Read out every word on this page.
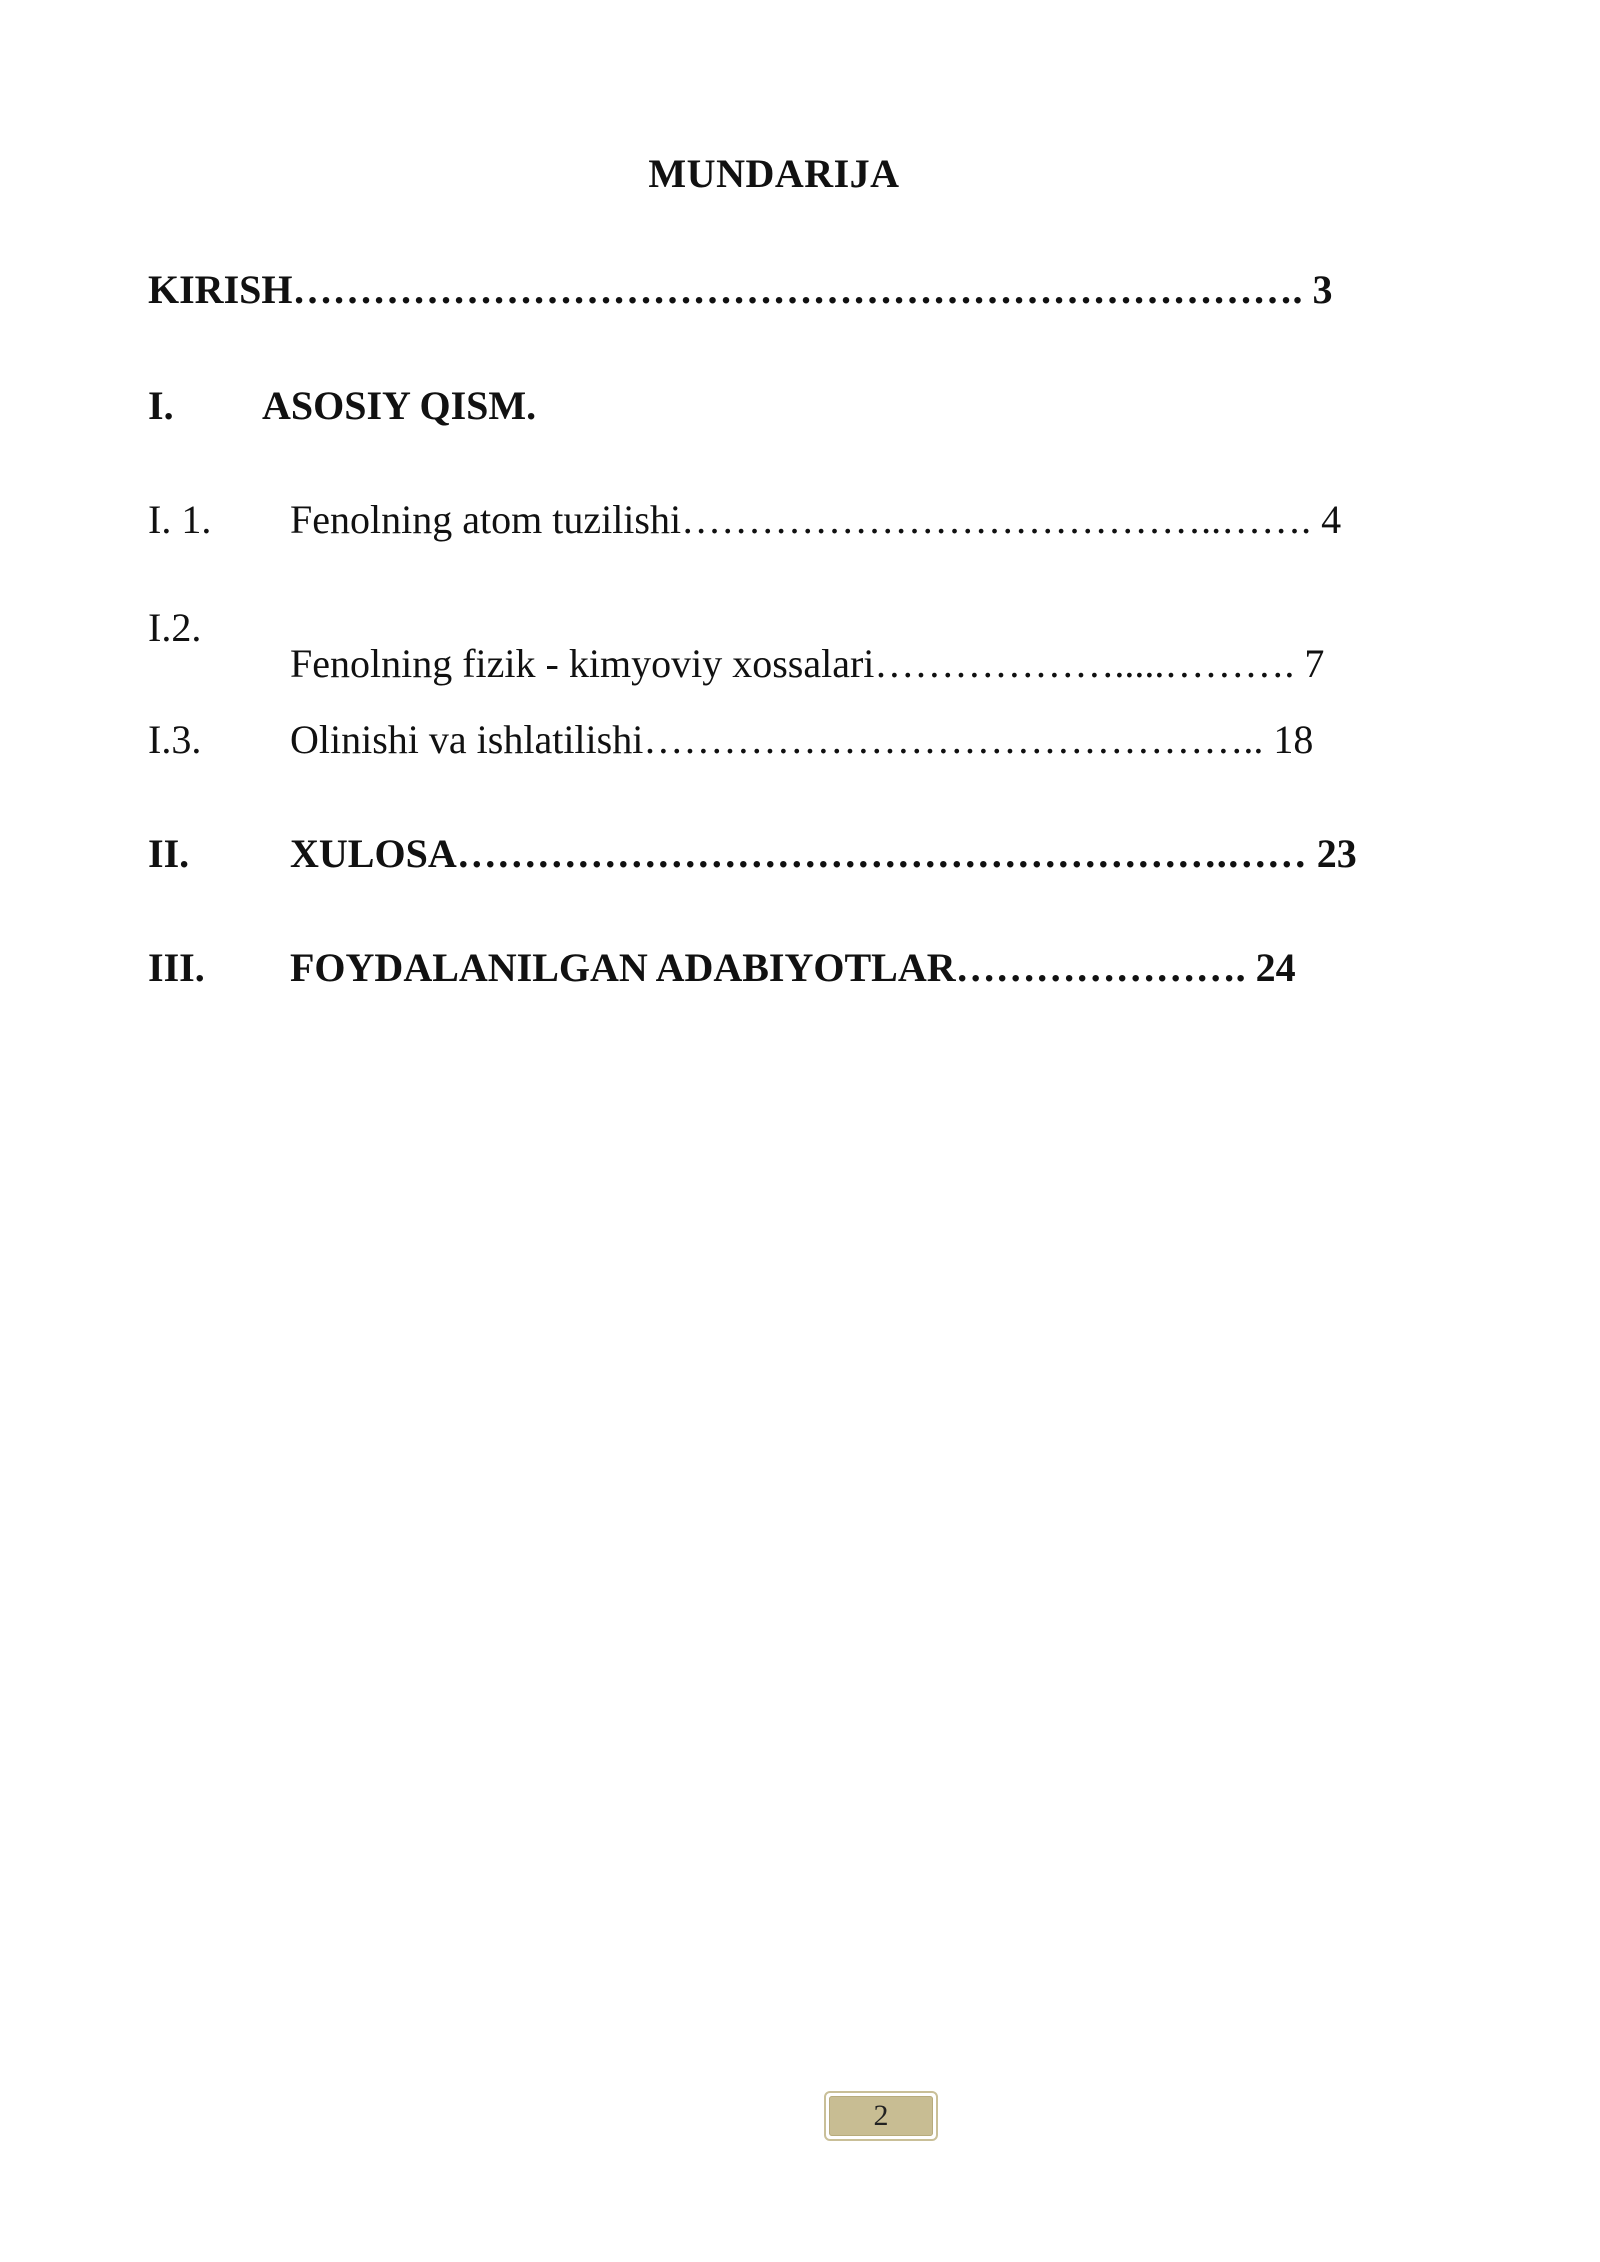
MUNDARIJA
KIRISH…………………………………………………………………. 3
I. ASOSIY QISM.
I. 1. Fenolning atom tuzilishi…………………………………..……. 4
I.2.
Fenolning fizik - kimyoviy xossalari……………….....………. 7
I.3. Olinishi va ishlatilishi……………………………………….. 18
II.	XULOSA………………………………………………….…… 23
III. FOYDALANILGAN ADABIYOTLAR…………………. 24
2
